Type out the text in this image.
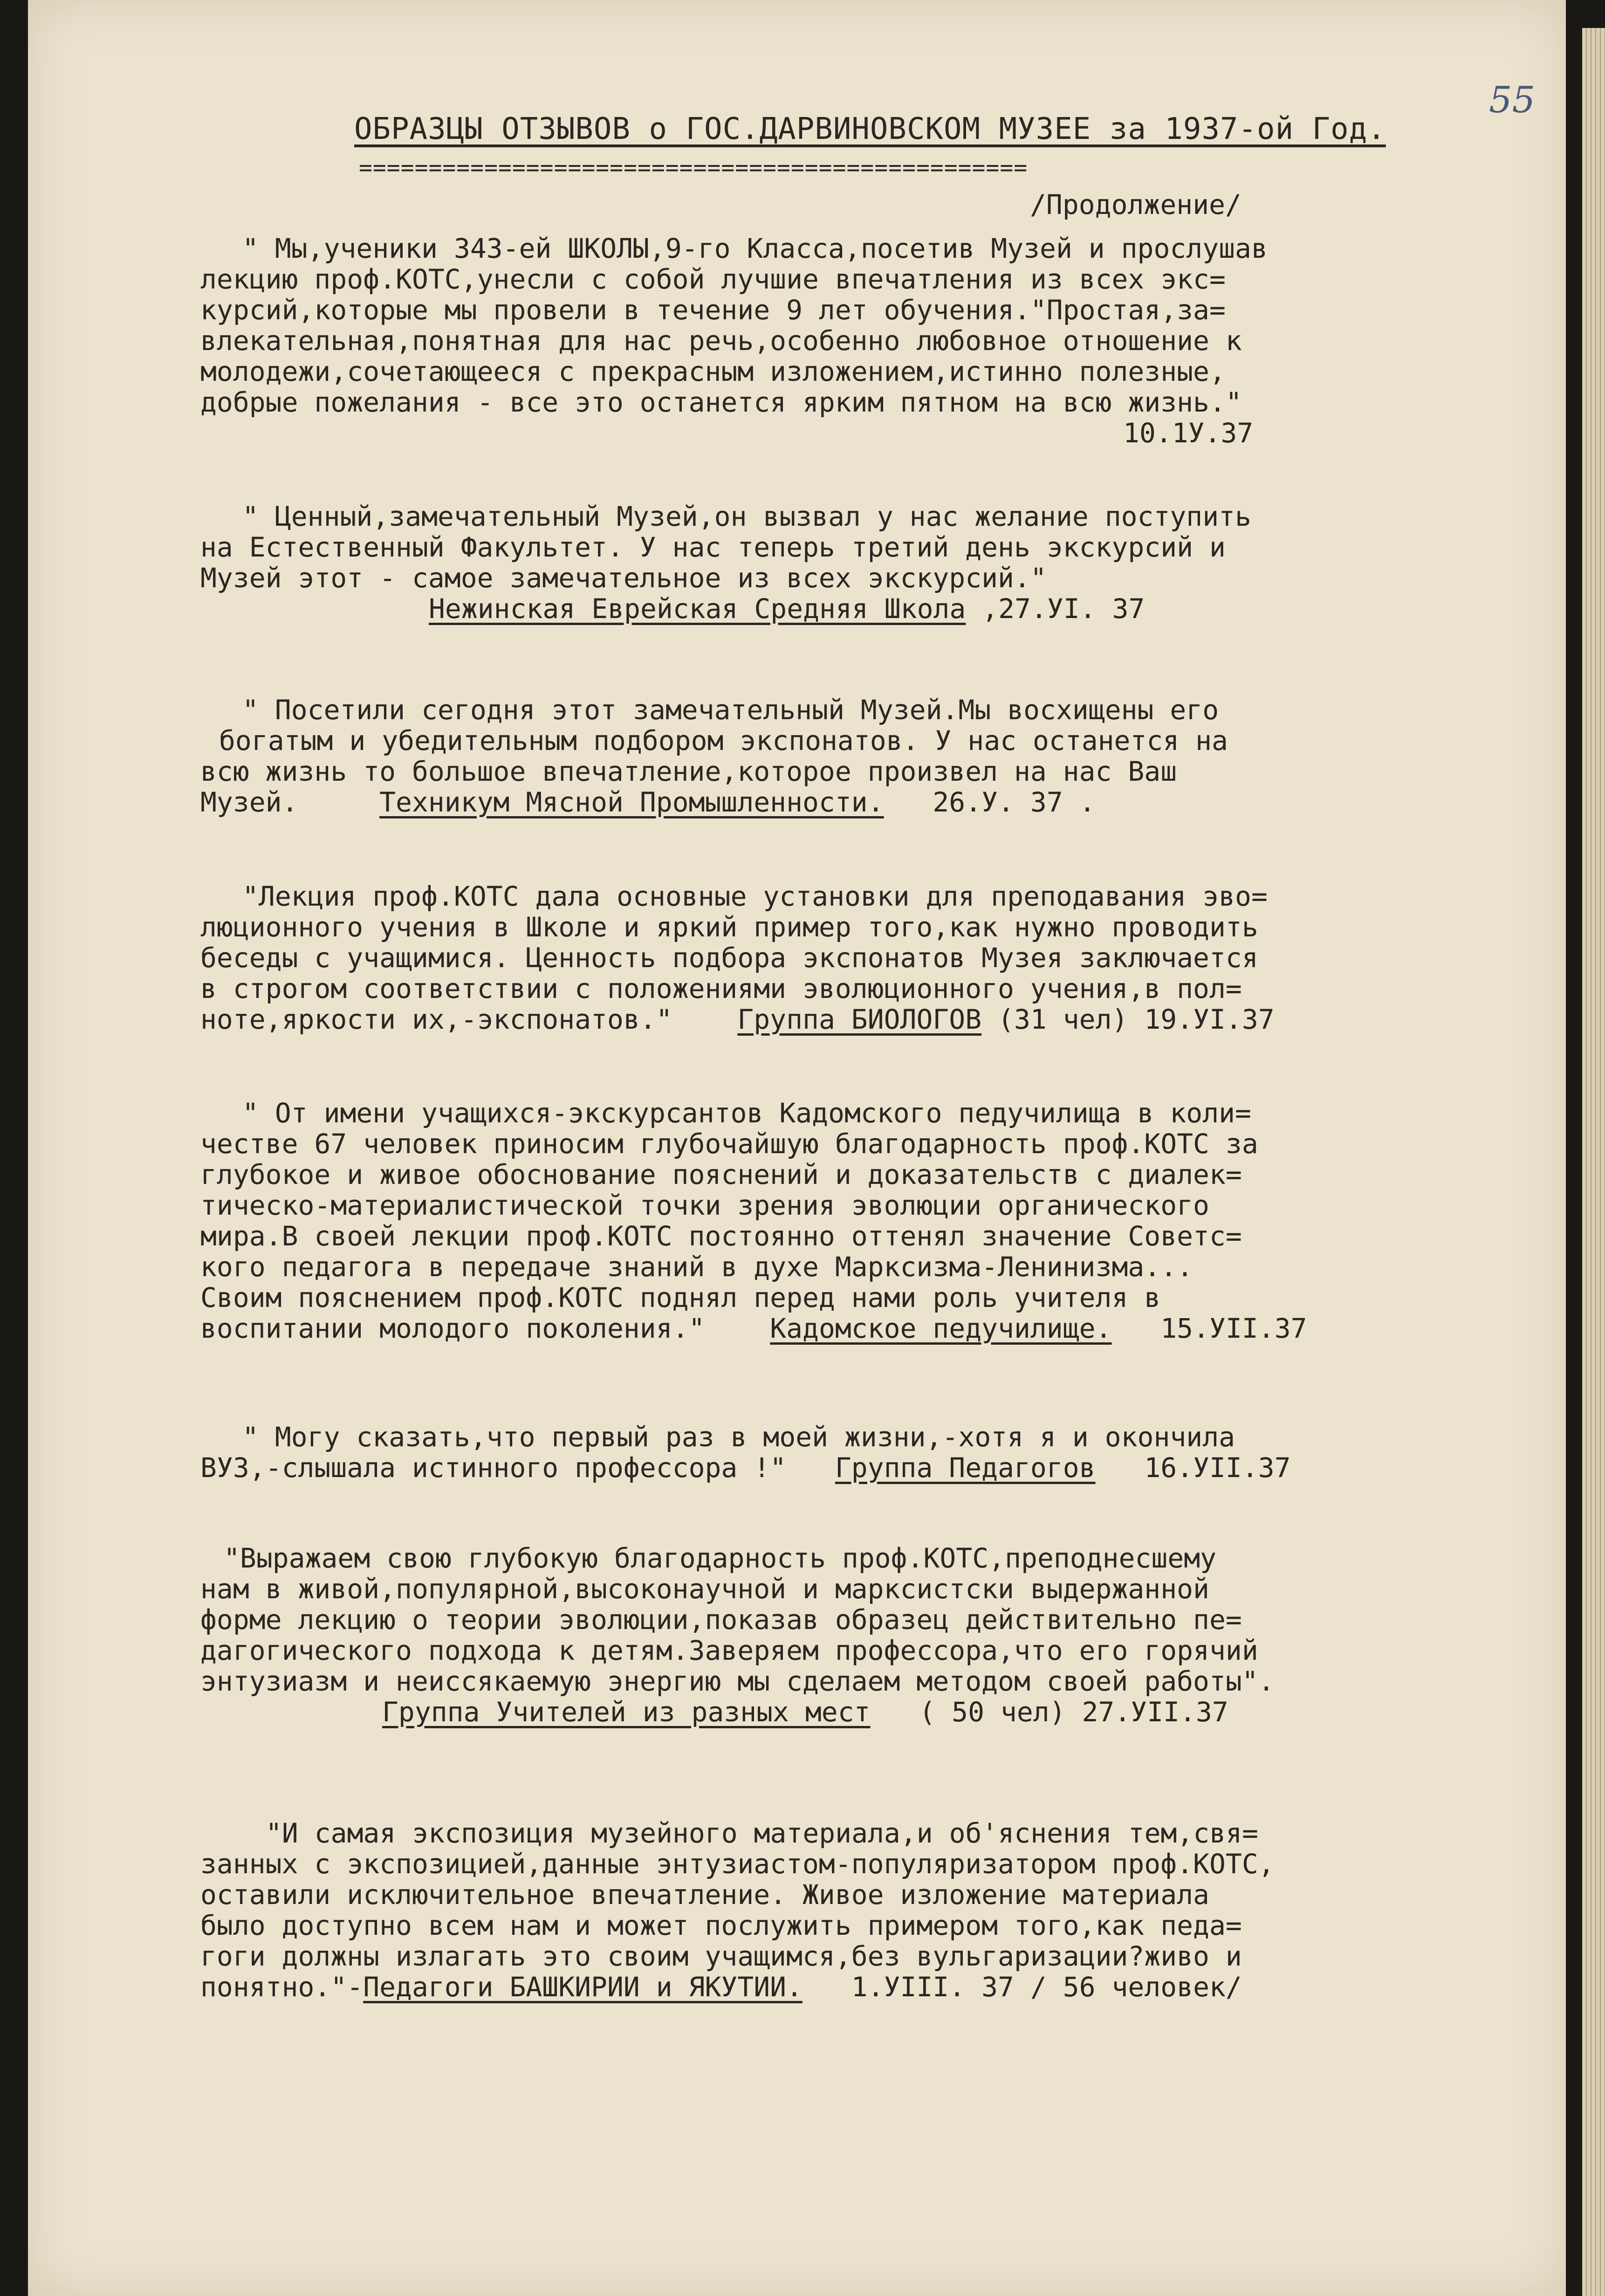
55
ОБРАЗЦЫ ОТЗЫВОВ о ГОС.ДАРВИНОВСКОМ МУЗЕЕ за 1937-ой Год.
================================================
/Продолжение/
" Мы,ученики 343-ей ШКОЛЫ,9-го Класса,посетив Музей и прослушав
лекцию проф.КОТС,унесли с собой лучшие впечатления из всех экс=
курсий,которые мы провели в течение 9 лет обучения."Простая,за=
влекательная,понятная для нас речь,особенно любовное отношение к
молодежи,сочетающееся с прекрасным изложением,истинно полезные,
добрые пожелания - все это останется ярким пятном на всю жизнь."
10.1У.37
" Ценный,замечательный Музей,он вызвал у нас желание поступить
на Естественный Факультет. У нас теперь третий день экскурсий и
Музей этот - самое замечательное из всех экскурсий."
Нежинская Еврейская Средняя Школа ,27.УI. 37
" Посетили сегодня этот замечательный Музей.Мы восхищены его
богатым и убедительным подбором экспонатов. У нас останется на
всю жизнь то большое впечатление,которое произвел на нас Ваш
Музей.	Техникум Мясной Промышленности. 26.У. 37 .
"Лекция проф.КОТС дала основные установки для преподавания эво=
люционного учения в Школе и яркий пример того,как нужно проводить
беседы с учащимися. Ценность подбора экспонатов Музея заключается
в строгом соответствии с положениями эволюционного учения,в пол=
ноте,яркости их,-экспонатов." Группа БИОЛОГОВ (31 чел) 19.УI.37
" От имени учащихся-экскурсантов Кадомского педучилища в коли=
честве 67 человек приносим глубочайшую благодарность проф.КОТС за
глубокое и живое обоснование пояснений и доказательств с диалек=
тическо-материалистической точки зрения эволюции органического
мира.В своей лекции проф.КОТС постоянно оттенял значение Советс=
кого педагога в передаче знаний в духе Марксизма-Ленинизма...
Своим пояснением проф.КОТС поднял перед нами роль учителя в
воспитании молодого поколения." Кадомское педучилище. 15.УII.37
" Могу сказать,что первый раз в моей жизни,-хотя я и окончила
ВУЗ,-слышала истинного профессора !" Группа Педагогов 16.УII.37
"Выражаем свою глубокую благодарность проф.КОТС,преподнесшему
нам в живой,популярной,высоконаучной и марксистски выдержанной
форме лекцию о теории эволюции,показав образец действительно пе=
дагогического подхода к детям.Заверяем профессора,что его горячий
энтузиазм и неиссякаемую энергию мы сделаем методом своей работы".
Группа Учителей из разных мест ( 50 чел) 27.УII.37
"И самая экспозиция музейного материала,и об'яснения тем,свя=
занных с экспозицией,данные энтузиастом-популяризатором проф.КОТС,
оставили исключительное впечатление. Живое изложение материала
было доступно всем нам и может послужить примером того,как педа=
гоги должны излагать это своим учащимся,без вульгаризации?живо и
понятно."-Педагоги БАШКИРИИ и ЯКУТИИ. 1.УIII. 37 / 56 человек/
